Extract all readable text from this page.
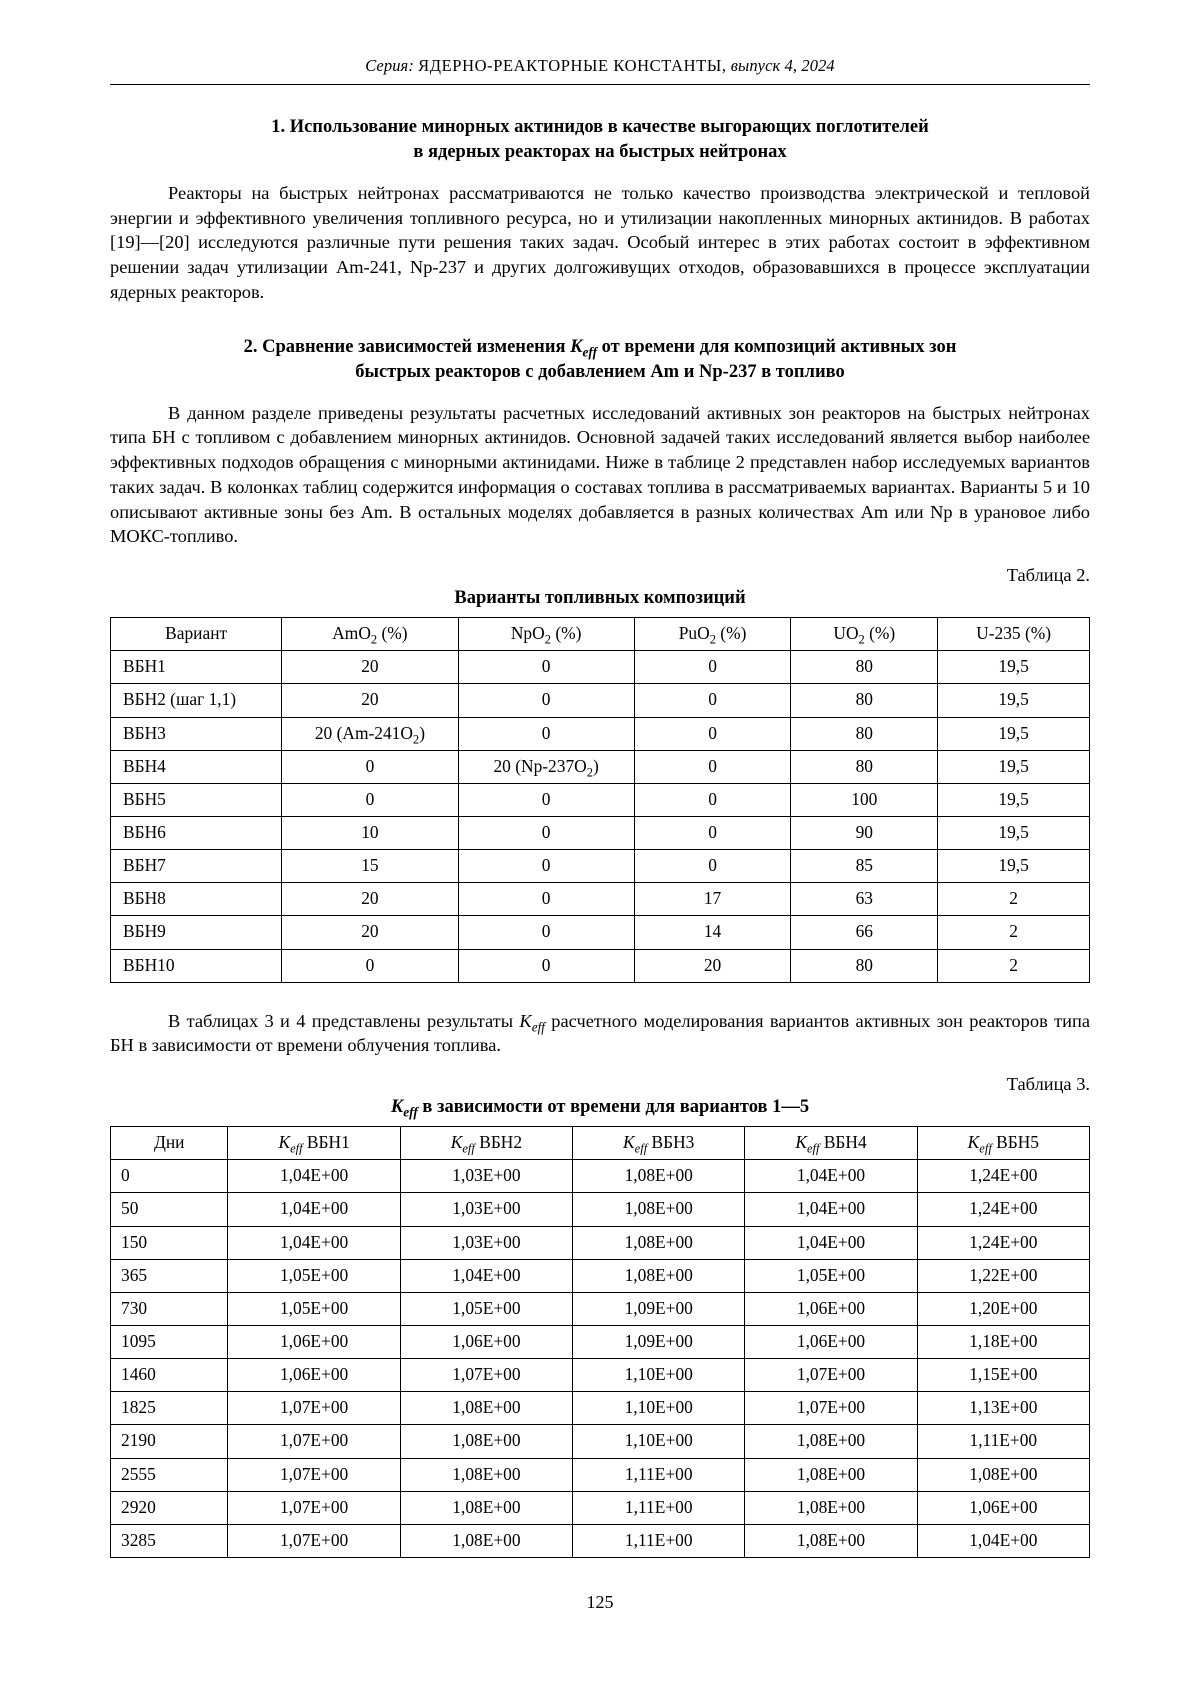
Серия: ЯДЕРНО-РЕАКТОРНЫЕ КОНСТАНТЫ, выпуск 4, 2024
1. Использование минорных актинидов в качестве выгорающих поглотителей
в ядерных реакторах на быстрых нейтронах

Реакторы на быстрых нейтронах рассматриваются не только качество производства электрической и тепловой энергии и эффективного увеличения топливного ресурса, но и утилизации накопленных минорных актинидов. В работах [19]—[20] исследуются различные пути решения таких задач. Особый интерес в этих работах состоит в эффективном решении задач утилизации Am-241, Np-237 и других долгоживущих отходов, образовавшихся в процессе эксплуатации ядерных реакторов.

2. Сравнение зависимостей изменения $K_{eff}$ от времени для композиций активных зон
быстрых реакторов с добавлением Am и Np-237 в топливо

В данном разделе приведены результаты расчетных исследований активных зон реакторов на быстрых нейтронах типа БН с топливом с добавлением минорных актинидов. Основной задачей таких исследований является выбор наиболее эффективных подходов обращения с минорными актинидами. Ниже в таблице 2 представлен набор исследуемых вариантов таких задач. В колонках таблиц содержится информация о составах топлива в рассматриваемых вариантах. Варианты 5 и 10 описывают активные зоны без Am. В остальных моделях добавляется в разных количествах Am или Np в урановое либо МОКС-топливо.

Таблица 2.
Варианты топливных композиций
Вариант	AmO$_2$ (%)	NpO$_2$ (%)	PuO$_2$ (%)	$UO_2$ (%)	U-235 (%)
ВБН1	20	0	0	80	19,5
ВБН2 (шаг 1,1)	20	0	0	80	19,5
ВБН3	20 $(Am-241O_2)$	0	0	80	19,5
ВБН4	0	20 $(Np-237O_2)$	0	80	19,5
ВБН5	0	0	0	100	19,5
ВБН6	10	0	0	90	19,5
ВБН7	15	0	0	85	19,5
ВБН8	20	0	17	63	2
ВБН9	20	0	14	66	2
ВБН10	0	0	20	80	2

В таблицах 3 и 4 представлены результаты $K_{eff}$ расчетного моделирования вариантов активных зон реакторов типа БН в зависимости от времени облучения топлива.

Таблица 3.
$K_{eff}$ в зависимости от времени для вариантов 1—5
Дни	$K_{eff}$ ВБН1	$K_{eff}$ ВБН2	$K_{eff}$ ВБН3	$K_{eff}$ ВБН4	$K_{eff}$ ВБН5
0	1,04Е+00	1,03Е+00	1,08Е+00	1,04Е+00	1,24Е+00
50	1,04Е+00	1,03Е+00	1,08Е+00	1,04Е+00	1,24Е+00
150	1,04Е+00	1,03Е+00	1,08Е+00	1,04Е+00	1,24Е+00
365	1,05Е+00	1,04Е+00	1,08Е+00	1,05Е+00	1,22Е+00
730	1,05Е+00	1,05Е+00	1,09Е+00	1,06Е+00	1,20Е+00
1095	1,06Е+00	1,06Е+00	1,09Е+00	1,06Е+00	1,18Е+00
1460	1,06Е+00	1,07Е+00	1,10Е+00	1,07Е+00	1,15Е+00
1825	1,07Е+00	1,08Е+00	1,10Е+00	1,07Е+00	1,13Е+00
2190	1,07Е+00	1,08Е+00	1,10Е+00	1,08Е+00	1,11Е+00
2555	1,07Е+00	1,08Е+00	1,11Е+00	1,08Е+00	1,08Е+00
2920	1,07Е+00	1,08Е+00	1,11Е+00	1,08Е+00	1,06Е+00
3285	1,07Е+00	1,08Е+00	1,11Е+00	1,08Е+00	1,04Е+00
125
